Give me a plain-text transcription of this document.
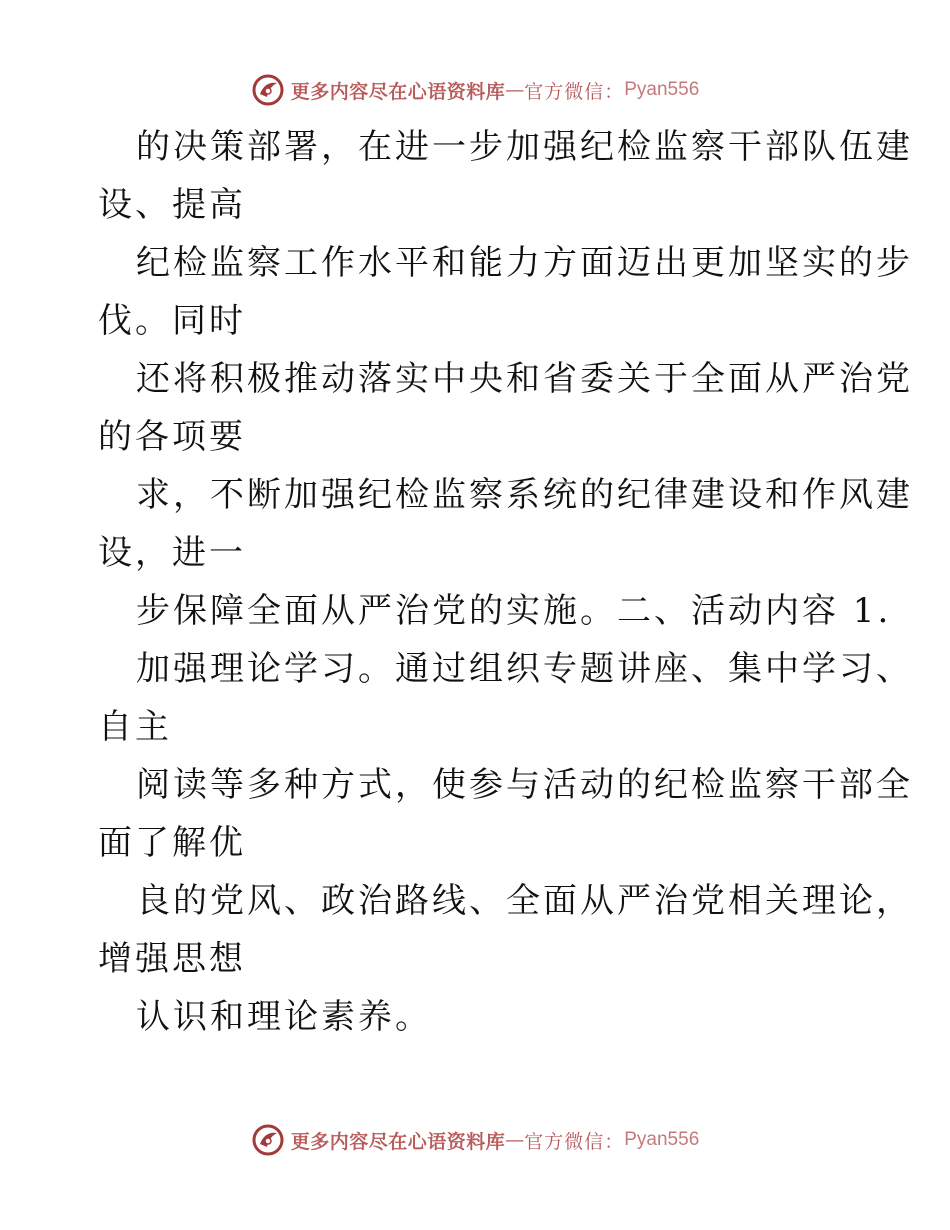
更多内容尽在心语资料库 — 官方微信： Pyan556
的决策部署，在进一步加强纪检监察干部队伍建
设、提高
纪检监察工作水平和能力方面迈出更加坚实的步
伐。同时
还将积极推动落实中央和省委关于全面从严治党
的各项要
求，不断加强纪检监察系统的纪律建设和作风建
设，进一
步保障全面从严治党的实施。二、活动内容 1.
加强理论学习。通过组织专题讲座、集中学习、
自主
阅读等多种方式，使参与活动的纪检监察干部全
面了解优
良的党风、政治路线、全面从严治党相关理论，
增强思想
认识和理论素养。
更多内容尽在心语资料库 — 官方微信： Pyan556
